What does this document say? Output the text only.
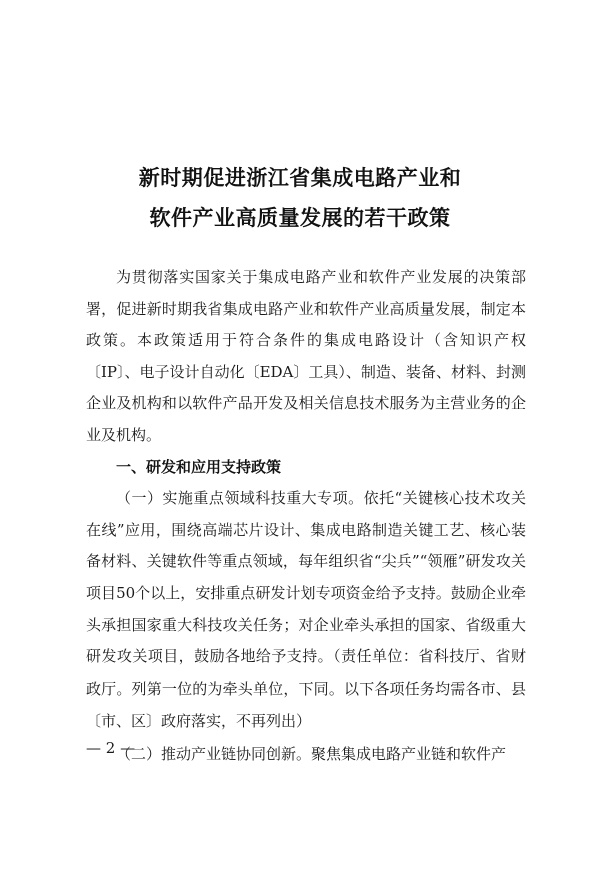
新时期促进浙江省集成电路产业和
软件产业高质量发展的若干政策

为贯彻落实国家关于集成电路产业和软件产业发展的决策部署，促进新时期我省集成电路产业和软件产业高质量发展，制定本政策。本政策适用于符合条件的集成电路设计（含知识产权〔IP〕、电子设计自动化〔EDA〕工具）、制造、装备、材料、封测企业及机构和以软件产品开发及相关信息技术服务为主营业务的企业及机构。

一、研发和应用支持政策

（一）实施重点领域科技重大专项。依托“关键核心技术攻关在线”应用，围绕高端芯片设计、集成电路制造关键工艺、核心装备材料、关键软件等重点领域，每年组织省“尖兵”“领雁”研发攻关项目50个以上，安排重点研发计划专项资金给予支持。鼓励企业牵头承担国家重大科技攻关任务；对企业牵头承担的国家、省级重大研发攻关项目，鼓励各地给予支持。（责任单位：省科技厅、省财政厅。列第一位的为牵头单位，下同。以下各项任务均需各市、县〔市、区〕政府落实，不再列出）

（二）推动产业链协同创新。聚焦集成电路产业链和软件产

— 2 —
